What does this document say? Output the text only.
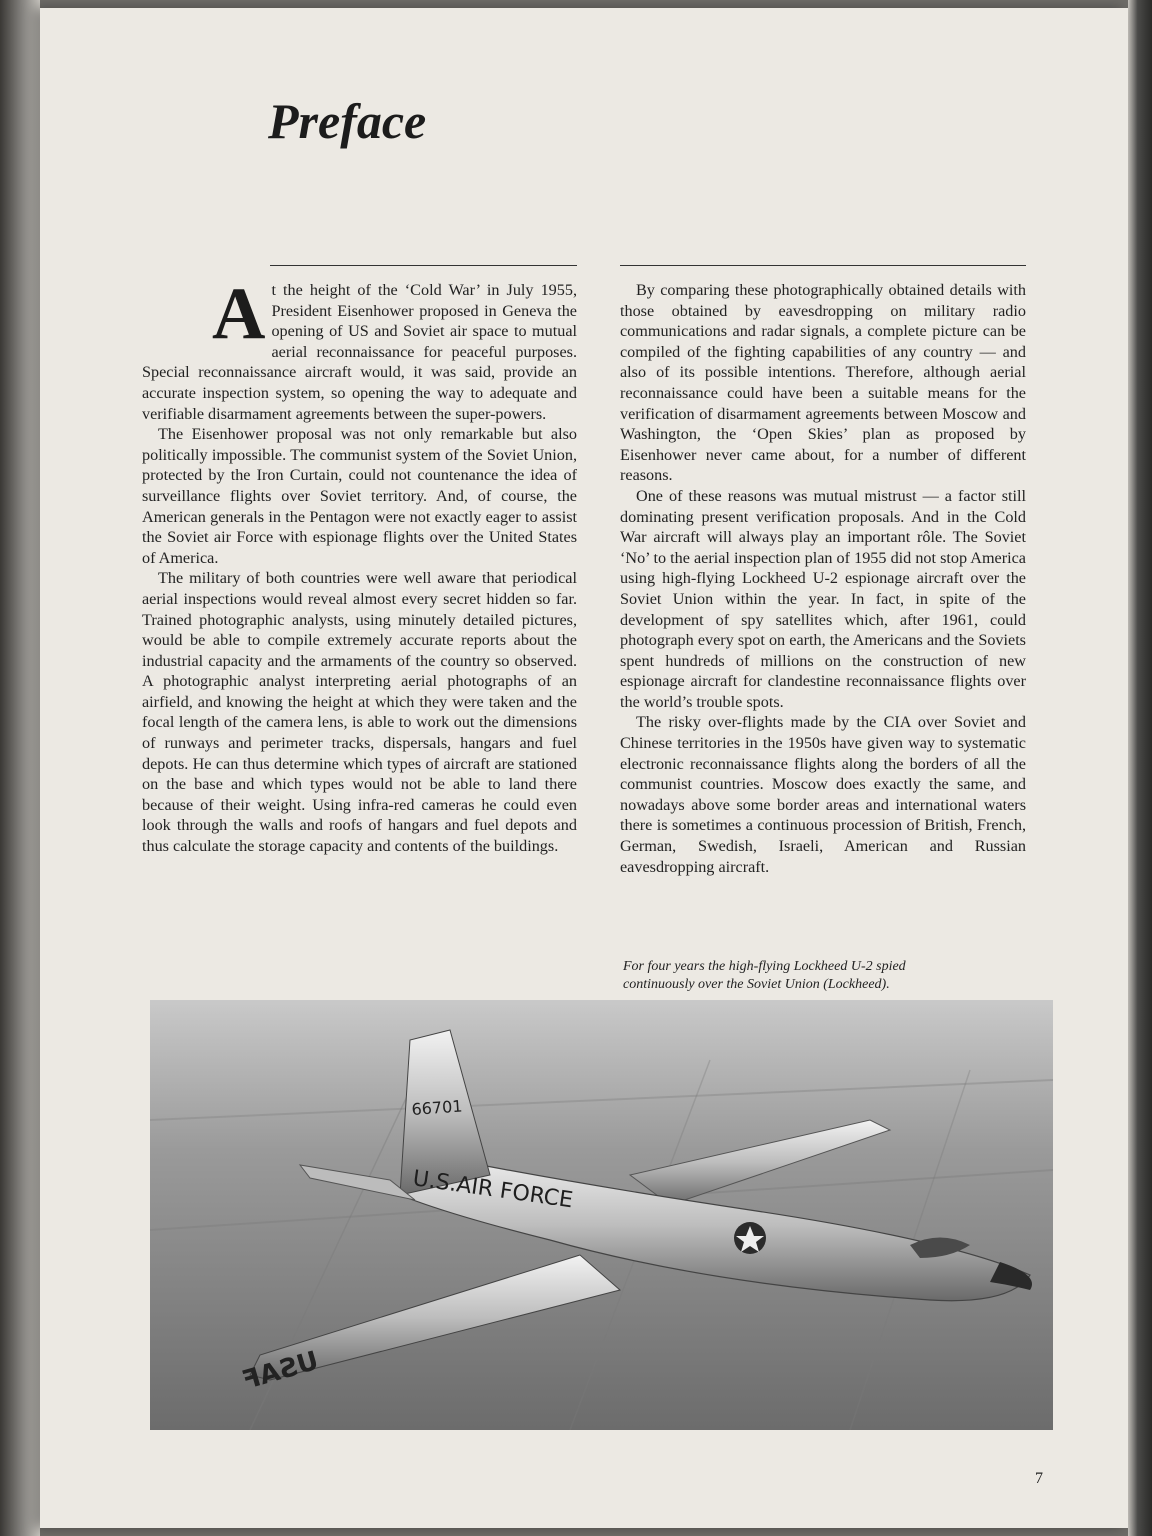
Preface

At the height of the ‘Cold War’ in July 1955, President Eisenhower proposed in Geneva the opening of US and Soviet air space to mutual aerial reconnaissance for peaceful purposes. Special reconnaissance aircraft would, it was said, provide an accurate inspection system, so opening the way to adequate and verifiable disarmament agreements between the super-powers.

The Eisenhower proposal was not only remarkable but also politically impossible. The communist system of the Soviet Union, protected by the Iron Curtain, could not countenance the idea of surveillance flights over Soviet territory. And, of course, the American generals in the Pentagon were not exactly eager to assist the Soviet air Force with espionage flights over the United States of America.

The military of both countries were well aware that periodical aerial inspections would reveal almost every secret hidden so far. Trained photographic analysts, using minutely detailed pictures, would be able to compile extremely accurate reports about the industrial capacity and the armaments of the country so observed. A photographic analyst interpreting aerial photographs of an airfield, and knowing the height at which they were taken and the focal length of the camera lens, is able to work out the dimensions of runways and perimeter tracks, dispersals, hangars and fuel depots. He can thus determine which types of aircraft are stationed on the base and which types would not be able to land there because of their weight. Using infra-red cameras he could even look through the walls and roofs of hangars and fuel depots and thus calculate the storage capacity and contents of the buildings.

By comparing these photographically obtained details with those obtained by eavesdropping on military radio communications and radar signals, a complete picture can be compiled of the fighting capabilities of any country — and also of its possible intentions. Therefore, although aerial reconnaissance could have been a suitable means for the verification of disarmament agreements between Moscow and Washington, the ‘Open Skies’ plan as proposed by Eisenhower never came about, for a number of different reasons.

One of these reasons was mutual mistrust — a factor still dominating present verification proposals. And in the Cold War aircraft will always play an important rôle. The Soviet ‘No’ to the aerial inspection plan of 1955 did not stop America using high-flying Lockheed U-2 espionage aircraft over the Soviet Union within the year. In fact, in spite of the development of spy satellites which, after 1961, could photograph every spot on earth, the Americans and the Soviets spent hundreds of millions on the construction of new espionage aircraft for clandestine reconnaissance flights over the world’s trouble spots.

The risky over-flights made by the CIA over Soviet and Chinese territories in the 1950s have given way to systematic electronic reconnaissance flights along the borders of all the communist countries. Moscow does exactly the same, and nowadays above some border areas and international waters there is sometimes a continuous procession of British, French, German, Swedish, Israeli, American and Russian eavesdropping aircraft.

For four years the high-flying Lockheed U-2 spied continuously over the Soviet Union (Lockheed).
66701
U.S.AIR FORCE
USAF
7
